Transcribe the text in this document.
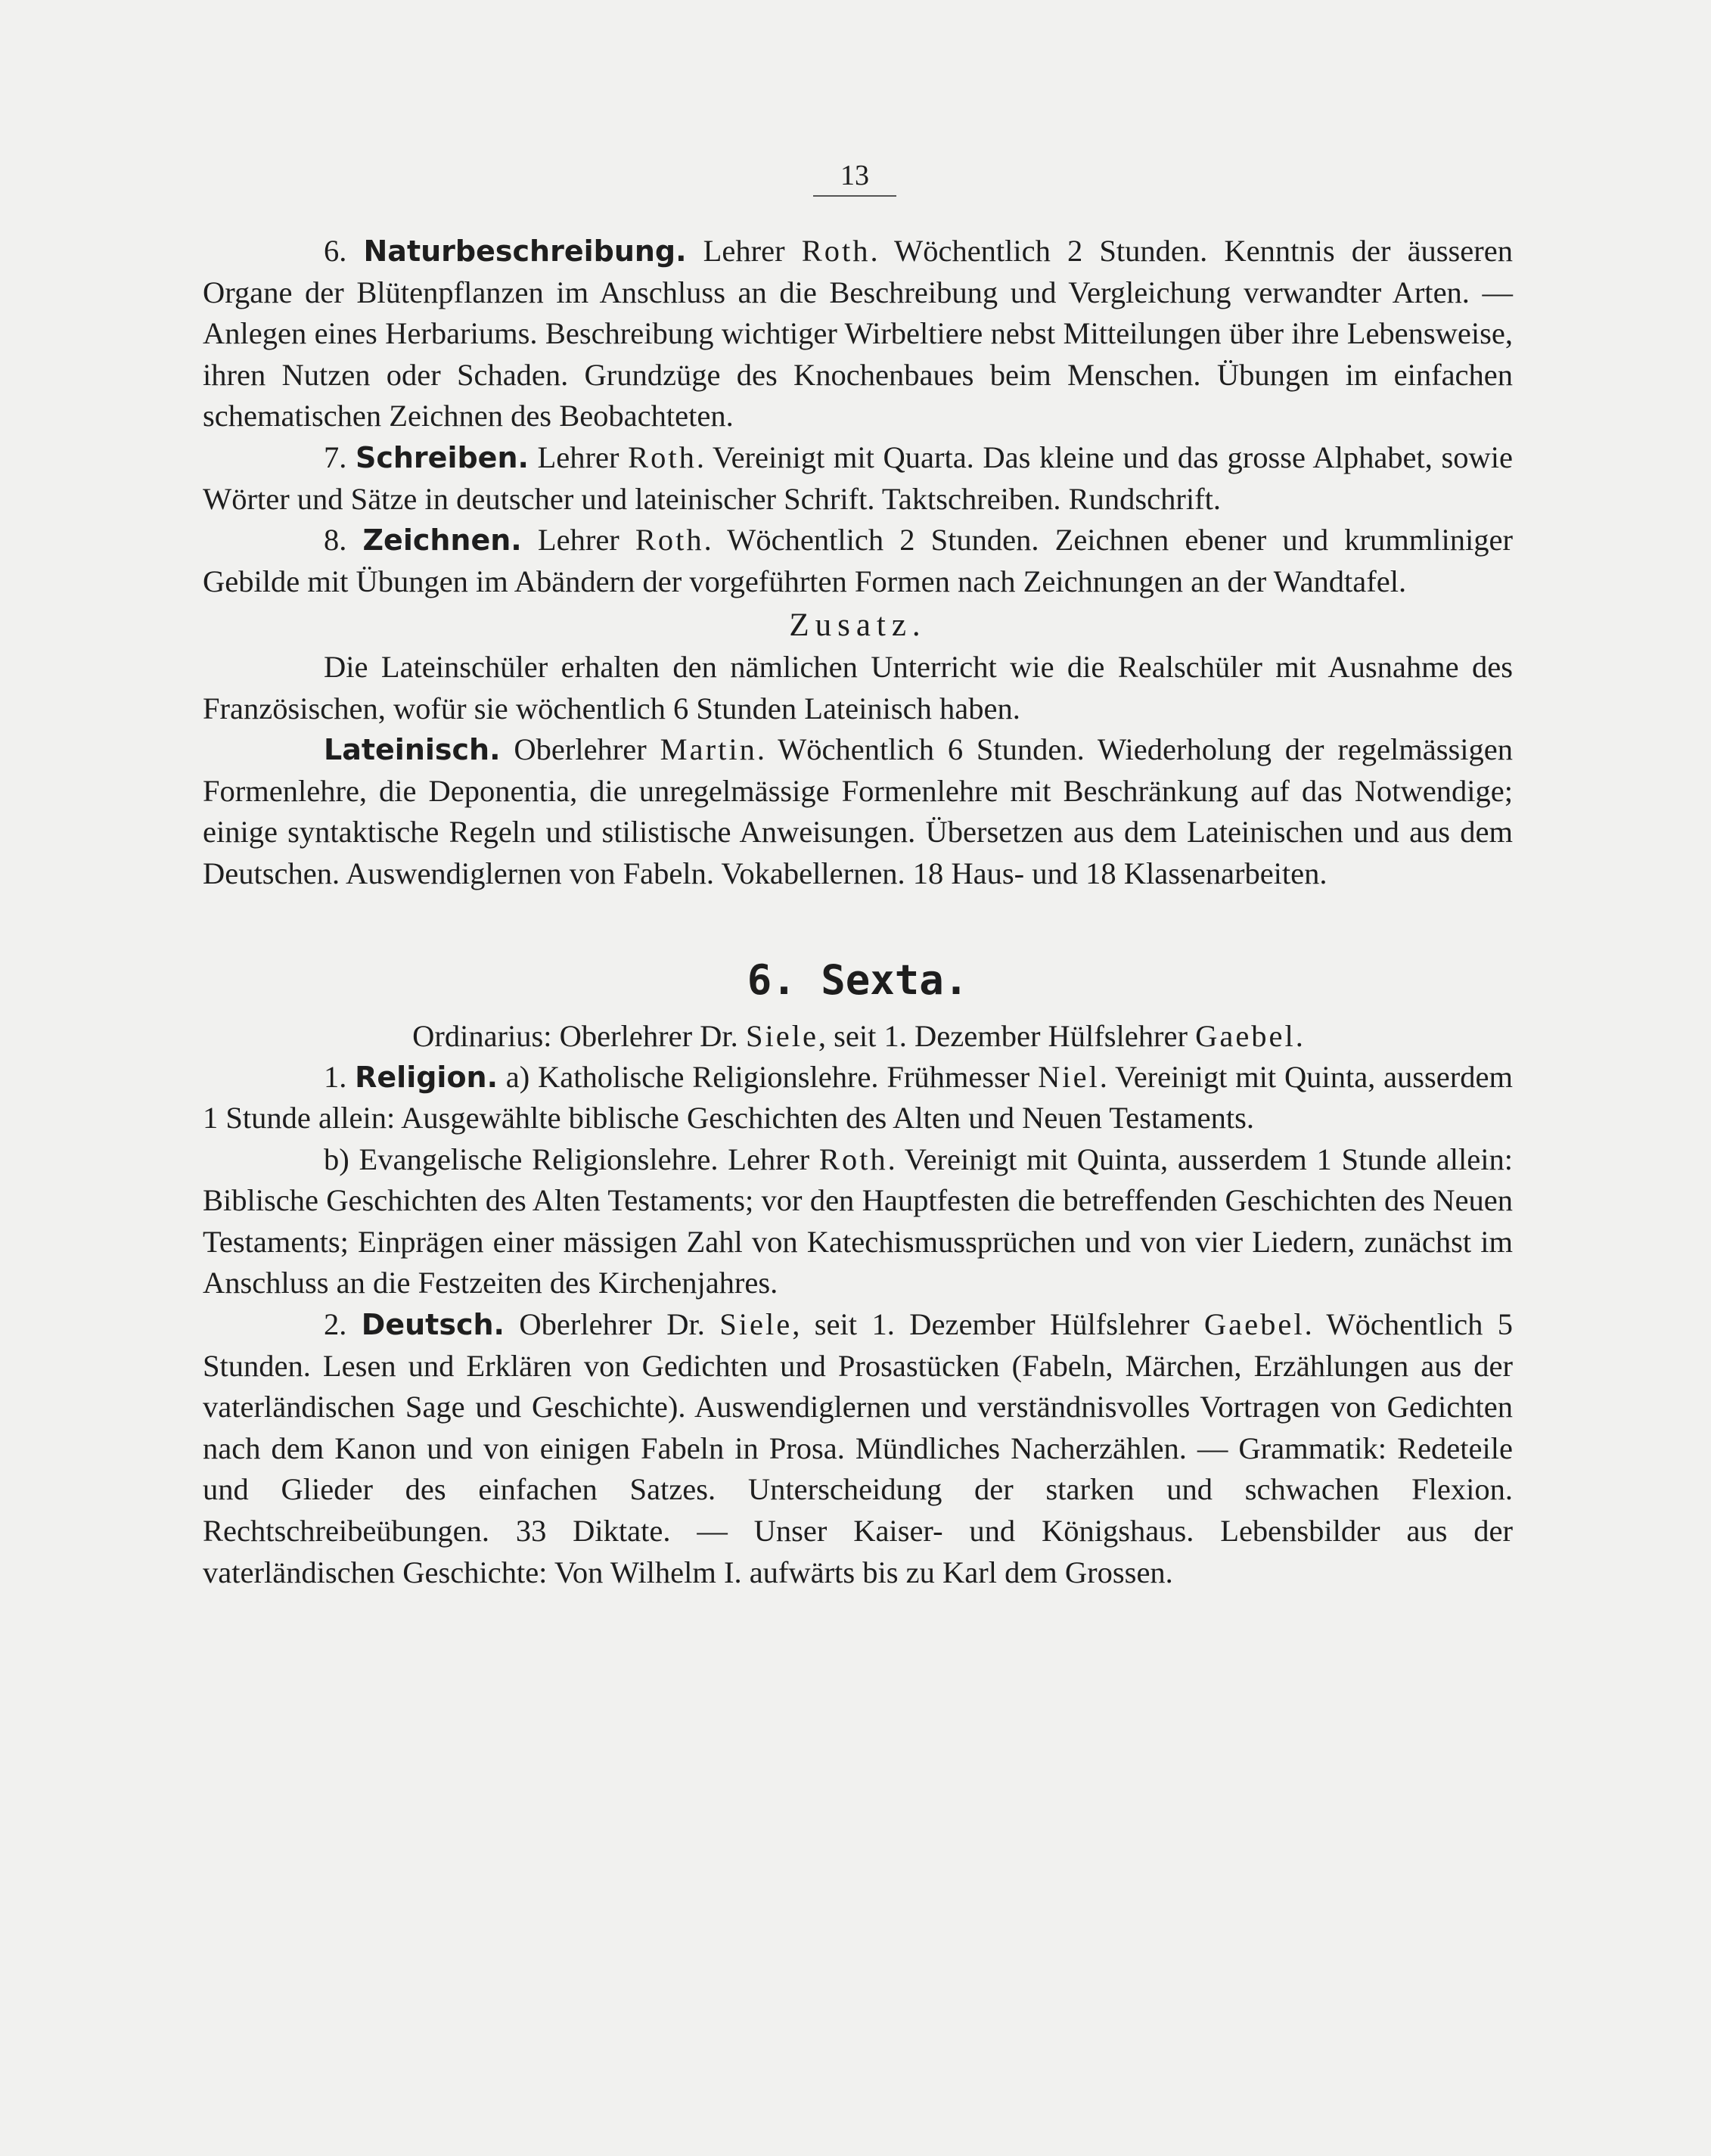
13

6. Naturbeschreibung. Lehrer Roth. Wöchentlich 2 Stunden. Kenntnis der äusseren Organe der Blütenpflanzen im Anschluss an die Beschreibung und Vergleichung verwandter Arten. — Anlegen eines Herbariums. Beschreibung wichtiger Wirbeltiere nebst Mitteilungen über ihre Lebensweise, ihren Nutzen oder Schaden. Grundzüge des Knochenbaues beim Menschen. Übungen im einfachen schematischen Zeichnen des Beobachteten.

7. Schreiben. Lehrer Roth. Vereinigt mit Quarta. Das kleine und das grosse Alphabet, sowie Wörter und Sätze in deutscher und lateinischer Schrift. Taktschreiben. Rundschrift.

8. Zeichnen. Lehrer Roth. Wöchentlich 2 Stunden. Zeichnen ebener und krummliniger Gebilde mit Übungen im Abändern der vorgeführten Formen nach Zeichnungen an der Wandtafel.

Zusatz.

Die Lateinschüler erhalten den nämlichen Unterricht wie die Realschüler mit Ausnahme des Französischen, wofür sie wöchentlich 6 Stunden Lateinisch haben.

Lateinisch. Oberlehrer Martin. Wöchentlich 6 Stunden. Wiederholung der regelmässigen Formenlehre, die Deponentia, die unregelmässige Formenlehre mit Beschränkung auf das Notwendige; einige syntaktische Regeln und stilistische Anweisungen. Übersetzen aus dem Lateinischen und aus dem Deutschen. Auswendiglernen von Fabeln. Vokabellernen. 18 Haus- und 18 Klassenarbeiten.

6. Sexta.

Ordinarius: Oberlehrer Dr. Siele, seit 1. Dezember Hülfslehrer Gaebel.

1. Religion. a) Katholische Religionslehre. Frühmesser Niel. Vereinigt mit Quinta, ausserdem 1 Stunde allein: Ausgewählte biblische Geschichten des Alten und Neuen Testaments.

b) Evangelische Religionslehre. Lehrer Roth. Vereinigt mit Quinta, ausserdem 1 Stunde allein: Biblische Geschichten des Alten Testaments; vor den Hauptfesten die betreffenden Geschichten des Neuen Testaments; Einprägen einer mässigen Zahl von Katechismussprüchen und von vier Liedern, zunächst im Anschluss an die Festzeiten des Kirchenjahres.

2. Deutsch. Oberlehrer Dr. Siele, seit 1. Dezember Hülfslehrer Gaebel. Wöchentlich 5 Stunden. Lesen und Erklären von Gedichten und Prosastücken (Fabeln, Märchen, Erzählungen aus der vaterländischen Sage und Geschichte). Auswendiglernen und verständnisvolles Vortragen von Gedichten nach dem Kanon und von einigen Fabeln in Prosa. Mündliches Nacherzählen. — Grammatik: Redeteile und Glieder des einfachen Satzes. Unterscheidung der starken und schwachen Flexion. Rechtschreibeübungen. 33 Diktate. — Unser Kaiser- und Königshaus. Lebensbilder aus der vaterländischen Geschichte: Von Wilhelm I. aufwärts bis zu Karl dem Grossen.
